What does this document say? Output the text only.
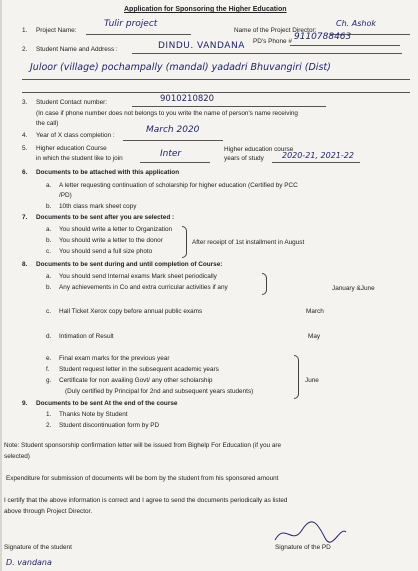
Application for Sponsoring the Higher Education
1. Project Name:
Tulir project
Name of the Project Director:
Ch. Ashok
PD's Phone # 9110788463
2. Student Name and Address :	DINDU. VANDANA
Juloor (village) pochampally (mandal) yadadri Bhuvangiri (Dist)
3. Student Contact number:	9010210820
(In case if phone number does not belongs to you write the name of person's name receiving
the call)
4. Year of X class completion :
March 2020
5. Higher education Course
in which the student like to join	Inter	Higher education course
years of study 2020-21, 2021-22
6. Documents to be attached with this application
a. A letter requesting continuation of scholarship for higher education (Certified by PCC
/PD)
b. 10th class mark sheet copy
7. Documents to be sent after you are selected :
a. You should write a letter to Organization
b. You should write a letter to the donor
c. You should send a full size photo
After receipt of 1st installment in August
8. Documents to be sent during and until completion of Course:
a. You should send Internal exams Mark sheet periodically
b. Any achievements in Co and extra curricular activities if any	January &June
c. Hall Ticket Xerox copy before annual public exams	March
d. Intimation of Result	May
e. Final exam marks for the previous year
f. Student request letter in the subsequent academic years
g. Certificate for non availing Govt/ any other scholarship
(Duly certified by Principal for 2nd and subsequent years students)
June
9. Documents to be sent At the end of the course
1. Thanks Note by Student
2. Student discontinuation form by PD
Note: Student sponsorship confirmation letter will be issued from Bighelp For Education (if you are
selected)
Expenditure for submission of documents will be born by the student from his sponsored amount
I certify that the above information is correct and I agree to send the documents periodically as listed
above through Project Director.
Signature of the student	Signature of the PD
D. vandana
